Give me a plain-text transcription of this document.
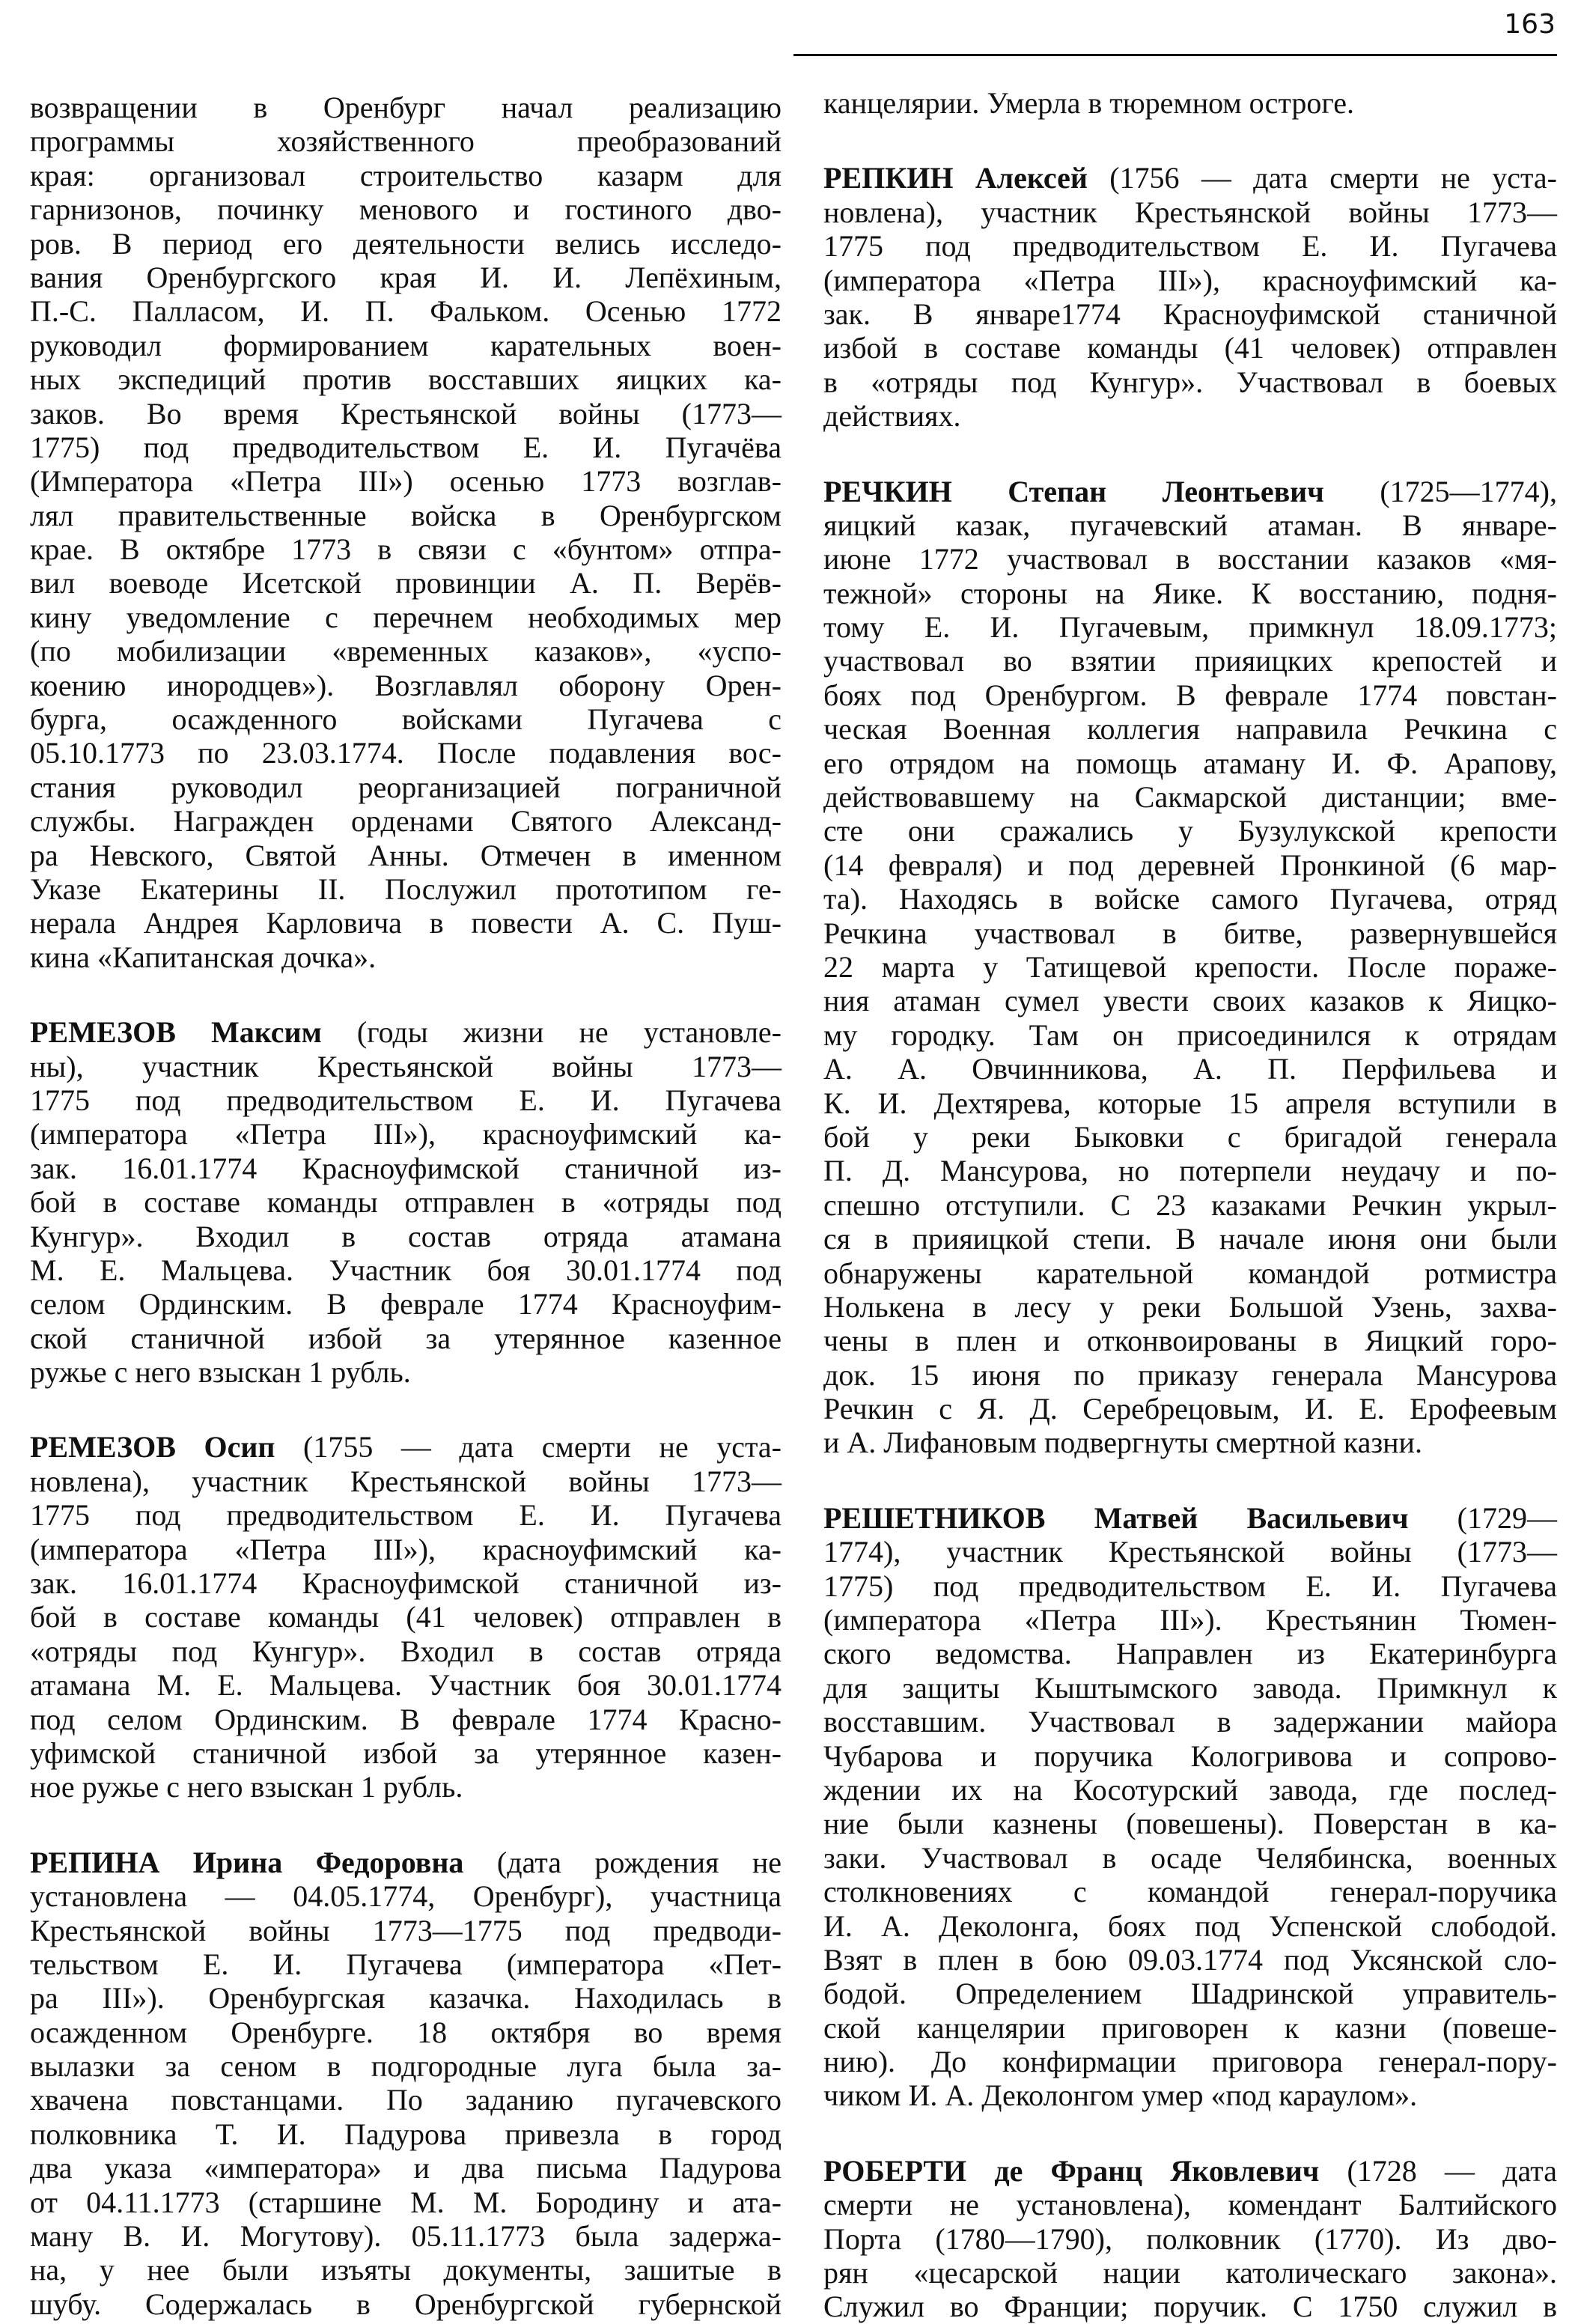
163
возвращении в Оренбург начал реализацию
программы хозяйственного преобразований
края: организовал строительство казарм для
гарнизонов, починку менового и гостиного дво-
ров. В период его деятельности велись исследо-
вания Оренбургского края И. И. Лепёхиным,
П.-С. Палласом, И. П. Фальком. Осенью 1772
руководил формированием карательных воен-
ных экспедиций против восставших яицких ка-
заков. Во время Крестьянской войны (1773—
1775) под предводительством Е. И. Пугачёва
(Императора «Петра III») осенью 1773 возглав-
лял правительственные войска в Оренбургском
крае. В октябре 1773 в связи с «бунтом» отпра-
вил воеводе Исетской провинции А. П. Верёв-
кину уведомление с перечнем необходимых мер
(по мобилизации «временных казаков», «успо-
коению инородцев»). Возглавлял оборону Орен-
бурга, осажденного войсками Пугачева с
05.10.1773 по 23.03.1774. После подавления вос-
стания руководил реорганизацией пограничной
службы. Награжден орденами Святого Александ-
ра Невского, Святой Анны. Отмечен в именном
Указе Екатерины II. Послужил прототипом ге-
нерала Андрея Карловича в повести А. С. Пуш-
кина «Капитанская дочка».
РЕМЕЗОВ Максим (годы жизни не установле-
ны), участник Крестьянской войны 1773—
1775 под предводительством Е. И. Пугачева
(императора «Петра III»), красноуфимский ка-
зак. 16.01.1774 Красноуфимской станичной из-
бой в составе команды отправлен в «отряды под
Кунгур». Входил в состав отряда атамана
М. Е. Мальцева. Участник боя 30.01.1774 под
селом Ординским. В феврале 1774 Красноуфим-
ской станичной избой за утерянное казенное
ружье с него взыскан 1 рубль.
РЕМЕЗОВ Осип (1755 — дата смерти не уста-
новлена), участник Крестьянской войны 1773—
1775 под предводительством Е. И. Пугачева
(императора «Петра III»), красноуфимский ка-
зак. 16.01.1774 Красноуфимской станичной из-
бой в составе команды (41 человек) отправлен в
«отряды под Кунгур». Входил в состав отряда
атамана М. Е. Мальцева. Участник боя 30.01.1774
под селом Ординским. В феврале 1774 Красно-
уфимской станичной избой за утерянное казен-
ное ружье с него взыскан 1 рубль.
РЕПИНА Ирина Федоровна (дата рождения не
установлена — 04.05.1774, Оренбург), участница
Крестьянской войны 1773—1775 под предводи-
тельством Е. И. Пугачева (императора «Пет-
ра III»). Оренбургская казачка. Находилась в
осажденном Оренбурге. 18 октября во время
вылазки за сеном в подгородные луга была за-
хвачена повстанцами. По заданию пугачевского
полковника Т. И. Падурова привезла в город
два указа «императора» и два письма Падурова
от 04.11.1773 (старшине М. М. Бородину и ата-
ману В. И. Могутову). 05.11.1773 была задержа-
на, у нее были изъяты документы, зашитые в
шубу. Содержалась в Оренбургской губернской
канцелярии. Умерла в тюремном остроге.
РЕПКИН Алексей (1756 — дата смерти не уста-
новлена), участник Крестьянской войны 1773—
1775 под предводительством Е. И. Пугачева
(императора «Петра III»), красноуфимский ка-
зак. В январе1774 Красноуфимской станичной
избой в составе команды (41 человек) отправлен
в «отряды под Кунгур». Участвовал в боевых
действиях.
РЕЧКИН Степан Леонтьевич (1725—1774),
яицкий казак, пугачевский атаман. В январе-
июне 1772 участвовал в восстании казаков «мя-
тежной» стороны на Яике. К восстанию, подня-
тому Е. И. Пугачевым, примкнул 18.09.1773;
участвовал во взятии прияицких крепостей и
боях под Оренбургом. В феврале 1774 повстан-
ческая Военная коллегия направила Речкина с
его отрядом на помощь атаману И. Ф. Арапову,
действовавшему на Сакмарской дистанции; вме-
сте они сражались у Бузулукской крепости
(14 февраля) и под деревней Пронкиной (6 мар-
та). Находясь в войске самого Пугачева, отряд
Речкина участвовал в битве, развернувшейся
22 марта у Татищевой крепости. После пораже-
ния атаман сумел увести своих казаков к Яицко-
му городку. Там он присоединился к отрядам
А. А. Овчинникова, А. П. Перфильева и
К. И. Дехтярева, которые 15 апреля вступили в
бой у реки Быковки с бригадой генерала
П. Д. Мансурова, но потерпели неудачу и по-
спешно отступили. С 23 казаками Речкин укрыл-
ся в прияицкой степи. В начале июня они были
обнаружены карательной командой ротмистра
Нолькена в лесу у реки Большой Узень, захва-
чены в плен и отконвоированы в Яицкий горо-
док. 15 июня по приказу генерала Мансурова
Речкин с Я. Д. Серебрецовым, И. Е. Ерофеевым
и А. Лифановым подвергнуты смертной казни.
РЕШЕТНИКОВ Матвей Васильевич (1729—
1774), участник Крестьянской войны (1773—
1775) под предводительством Е. И. Пугачева
(императора «Петра III»). Крестьянин Тюмен-
ского ведомства. Направлен из Екатеринбурга
для защиты Кыштымского завода. Примкнул к
восставшим. Участвовал в задержании майора
Чубарова и поручика Кологривова и сопрово-
ждении их на Косотурский завода, где послед-
ние были казнены (повешены). Поверстан в ка-
заки. Участвовал в осаде Челябинска, военных
столкновениях с командой генерал-поручика
И. А. Деколонга, боях под Успенской слободой.
Взят в плен в бою 09.03.1774 под Уксянской сло-
бодой. Определением Шадринской управитель-
ской канцелярии приговорен к казни (повеше-
нию). До конфирмации приговора генерал-пору-
чиком И. А. Деколонгом умер «под караулом».
РОБЕРТИ де Франц Яковлевич (1728 — дата
смерти не установлена), комендант Балтийского
Порта (1780—1790), полковник (1770). Из дво-
рян «цесарской нации католическаго закона».
Служил во Франции; поручик. С 1750 служил в
